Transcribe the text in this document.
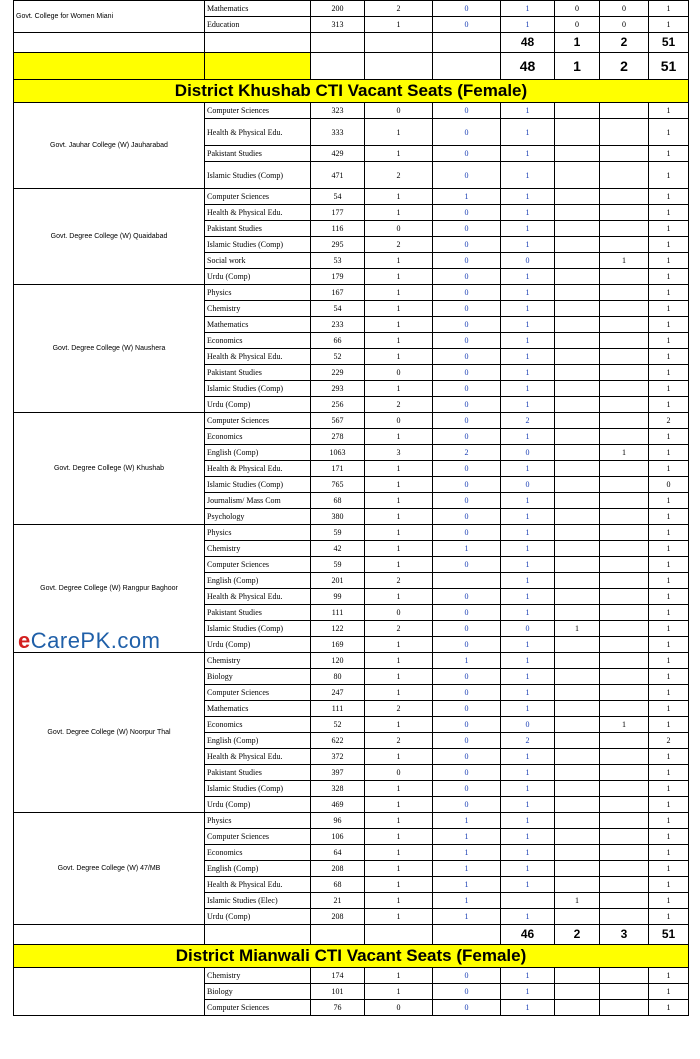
Govt. College for Women Miani	Mathematics	200	2	0	1	0	0	1
	Education	313	1	0	1	0	0	1
					48	1	2	51
					48	1	2	51
District Khushab CTI Vacant Seats (Female)								
Govt. Jauhar College (W) Jauharabad	Computer Sciences	323	0	0	1			1
	Health & Physical Edu.	333	1	0	1			1
	Pakistant Studies	429	1	0	1			1
	Islamic Studies (Comp)	471	2	0	1			1
Govt. Degree College (W) Quaidabad	Computer Sciences	54	1	1	1			1
	Health & Physical Edu.	177	1	0	1			1
	Pakistant Studies	116	0	0	1			1
	Islamic Studies (Comp)	295	2	0	1			1
	Social work	53	1	0	0		1	1
	Urdu (Comp)	179	1	0	1			1
Govt. Degree College (W) Naushera	Physics	167	1	0	1			1
	Chemistry	54	1	0	1			1
	Mathematics	233	1	0	1			1
	Economics	66	1	0	1			1
	Health & Physical Edu.	52	1	0	1			1
	Pakistant Studies	229	0	0	1			1
	Islamic Studies (Comp)	293	1	0	1			1
	Urdu (Comp)	256	2	0	1			1
Govt. Degree College (W) Khushab	Computer Sciences	567	0	0	2			2
	Economics	278	1	0	1			1
	English (Comp)	1063	3	2	0		1	1
	Health & Physical Edu.	171	1	0	1			1
	Islamic Studies (Comp)	765	1	0	0			0
	Journalism/ Mass Com	68	1	0	1			1
	Psychology	380	1	0	1			1
Govt. Degree College (W) Rangpur Baghoor	Physics	59	1	0	1			1
	Chemistry	42	1	1	1			1
	Computer Sciences	59	1	0	1			1
	English (Comp)	201	2		1			1
	Health & Physical Edu.	99	1	0	1			1
	Pakistant Studies	111	0	0	1			1
	Islamic Studies (Comp)	122	2	0	0	1		1
	Urdu (Comp)	169	1	0	1			1
Govt. Degree College (W) Noorpur Thal	Chemistry	120	1	1	1			1
	Biology	80	1	0	1			1
	Computer Sciences	247	1	0	1			1
	Mathematics	111	2	0	1			1
	Economics	52	1	0	0		1	1
	English (Comp)	622	2	0	2			2
	Health & Physical Edu.	372	1	0	1			1
	Pakistant Studies	397	0	0	1			1
	Islamic Studies (Comp)	328	1	0	1			1
	Urdu (Comp)	469	1	0	1			1
Govt. Degree College (W) 47/MB	Physics	96	1	1	1			1
	Computer Sciences	106	1	1	1			1
	Economics	64	1	1	1			1
	English (Comp)	208	1	1	1			1
	Health & Physical Edu.	68	1	1	1			1
	Islamic Studies (Elec)	21	1	1		1		1
	Urdu (Comp)	208	1	1	1			1
					46	2	3	51
District Mianwali CTI Vacant Seats (Female)								
	Chemistry	174	1	0	1			1
	Biology	101	1	0	1			1
	Computer Sciences	76	0	0	1			1
eCarePK.com
